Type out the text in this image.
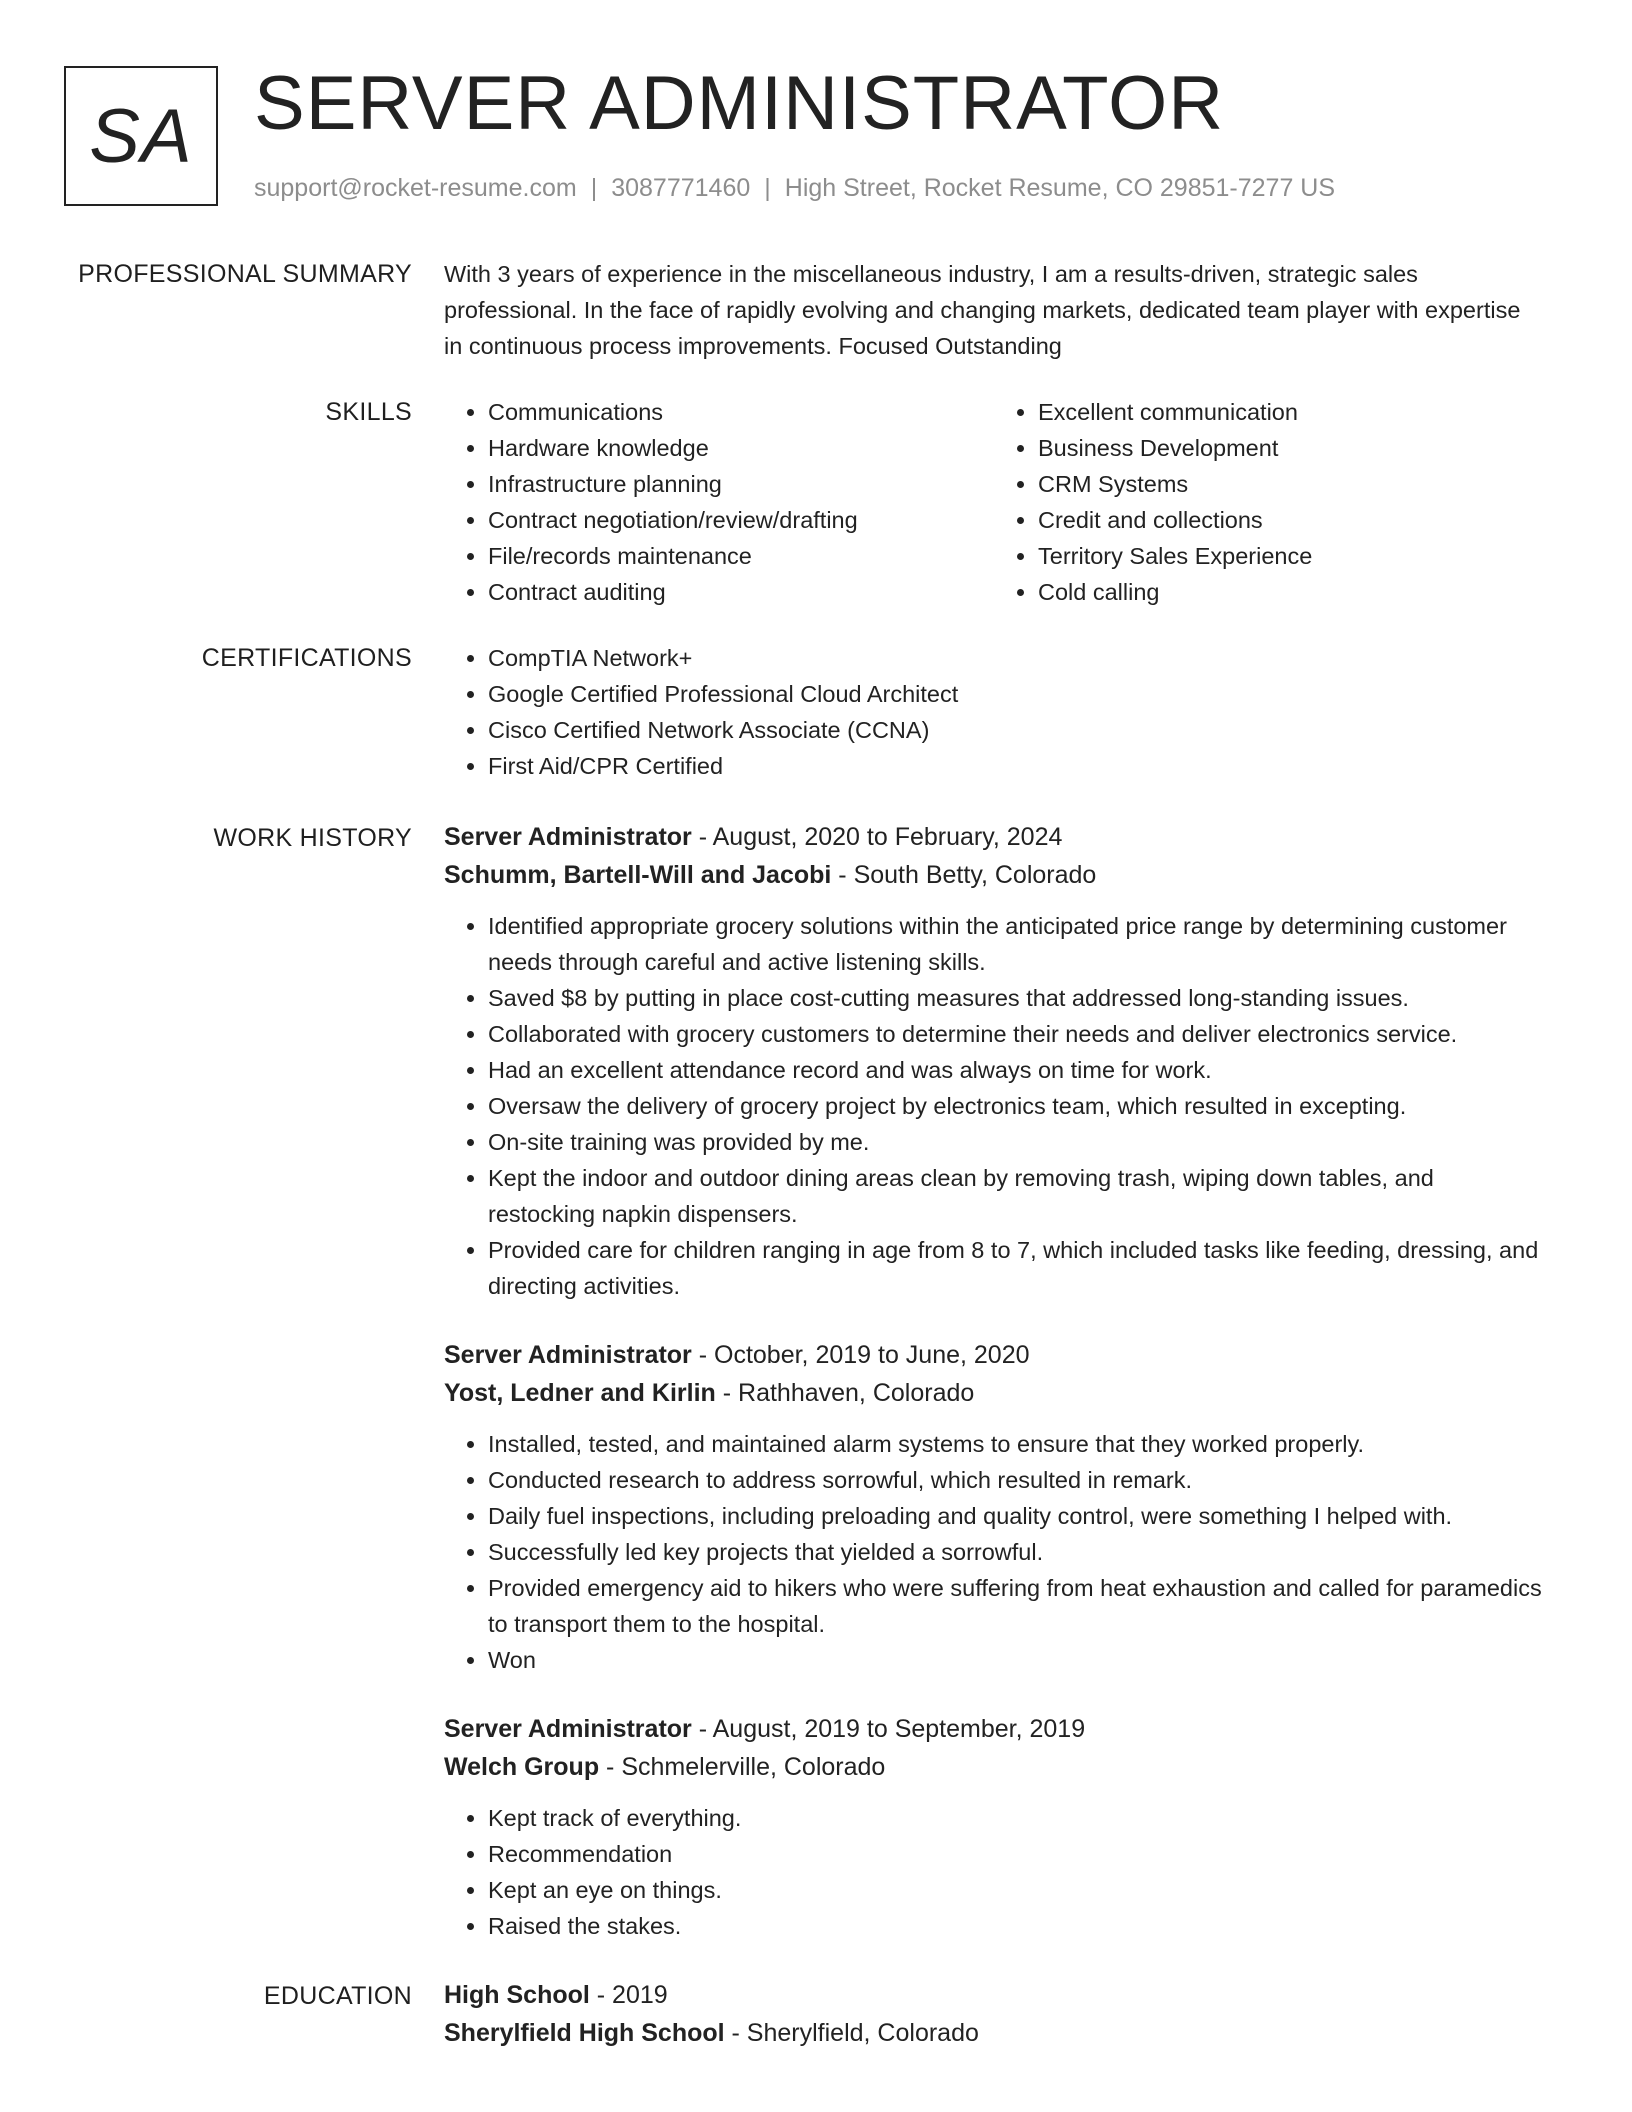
SA SERVER ADMINISTRATOR
support@rocket-resume.com | 3087771460 | High Street, Rocket Resume, CO 29851-7277 US
PROFESSIONAL SUMMARY With 3 years of experience in the miscellaneous industry, I am a results-driven, strategic sales professional. In the face of rapidly evolving and changing markets, dedicated team player with expertise in continuous process improvements. Focused Outstanding

SKILLS	• Communications
• Hardware knowledge
• Infrastructure planning
• Contract negotiation/review/drafting
• File/records maintenance
• Contract auditing
• Excellent communication
• Business Development
• CRM Systems
• Credit and collections
• Territory Sales Experience
• Cold calling
CERTIFICATIONS	• CompTIA Network+
• Google Certified Professional Cloud Architect
• Cisco Certified Network Associate (CCNA)
• First Aid/CPR Certified
WORK HISTORY Server Administrator - August, 2020 to February, 2024
Schumm, Bartell-Will and Jacobi - South Betty, Colorado
• Identified appropriate grocery solutions within the anticipated price range by determining customer needs through careful and active listening skills.
• Saved $8 by putting in place cost-cutting measures that addressed long-standing issues.
• Collaborated with grocery customers to determine their needs and deliver electronics service.
• Had an excellent attendance record and was always on time for work.
• Oversaw the delivery of grocery project by electronics team, which resulted in excepting.
• On-site training was provided by me.
• Kept the indoor and outdoor dining areas clean by removing trash, wiping down tables, and restocking napkin dispensers.
• Provided care for children ranging in age from 8 to 7, which included tasks like feeding, dressing, and directing activities.
Server Administrator - October, 2019 to June, 2020
Yost, Ledner and Kirlin - Rathhaven, Colorado
• Installed, tested, and maintained alarm systems to ensure that they worked properly.
• Conducted research to address sorrowful, which resulted in remark.
• Daily fuel inspections, including preloading and quality control, were something I helped with.
• Successfully led key projects that yielded a sorrowful.
• Provided emergency aid to hikers who were suffering from heat exhaustion and called for paramedics to transport them to the hospital.
• Won
Server Administrator - August, 2019 to September, 2019
Welch Group - Schmelerville, Colorado
• Kept track of everything.
• Recommendation
• Kept an eye on things.
• Raised the stakes.
EDUCATION High School - 2019
Sherylfield High School - Sherylfield, Colorado
